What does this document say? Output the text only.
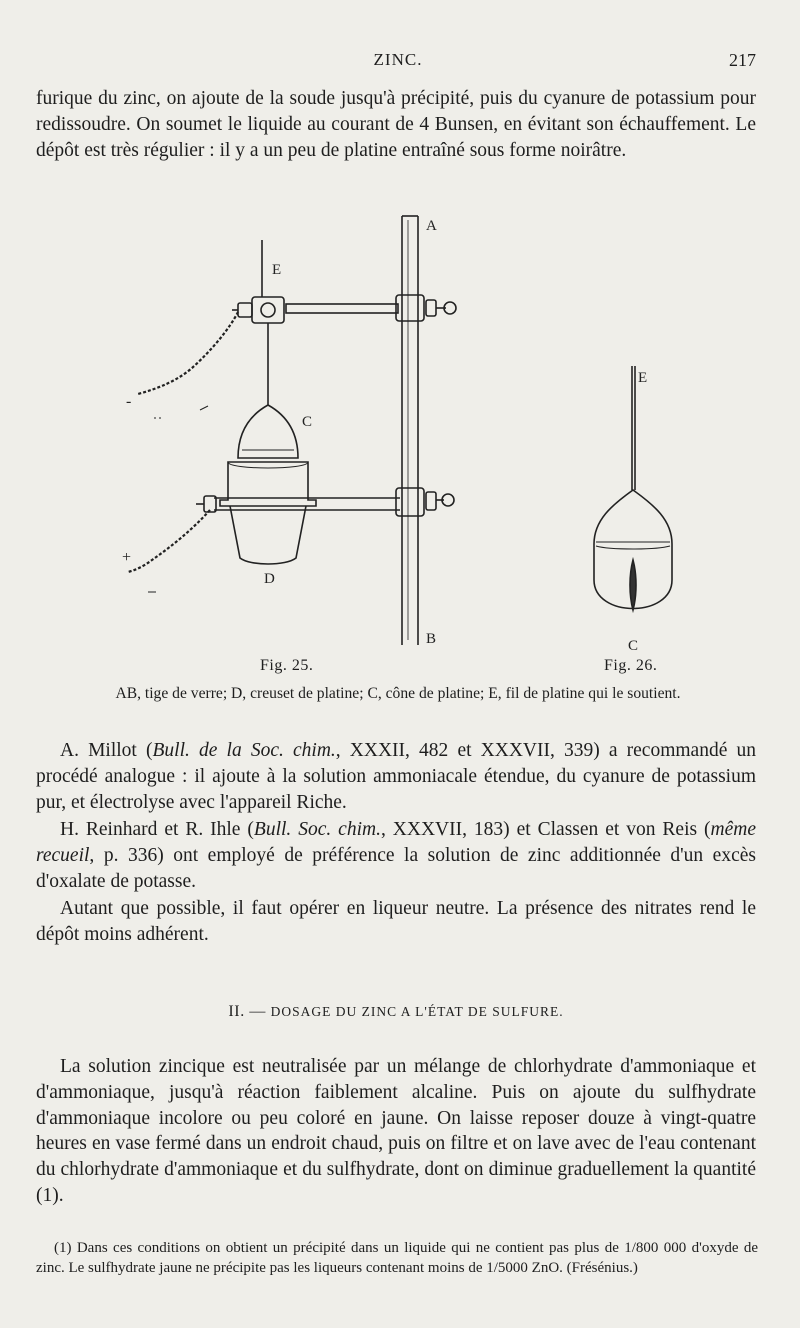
ZINC.	217

furique du zinc, on ajoute de la soude jusqu'à précipité, puis du cyanure de potassium pour redissoudre. On soumet le liquide au courant de 4 Bunsen, en évitant son échauffement. Le dépôt est très régulier : il y a un peu de platine entraîné sous forme noirâtre.

A
B
C
D
E
+
-
C
E
Fig. 25.	Fig. 26.

AB, tige de verre; D, creuset de platine; C, cône de platine; E, fil de platine qui le soutient.

A. Millot (Bull. de la Soc. chim., XXXII, 482 et XXXVII, 339) a recommandé un procédé analogue : il ajoute à la solution ammoniacale étendue, du cyanure de potassium pur, et électrolyse avec l'appareil Riche.

H. Reinhard et R. Ihle (Bull. Soc. chim., XXXVII, 183) et Classen et von Reis (même recueil, p. 336) ont employé de préférence la solution de zinc additionnée d'un excès d'oxalate de potasse.

Autant que possible, il faut opérer en liqueur neutre. La présence des nitrates rend le dépôt moins adhérent.

II. — DOSAGE DU ZINC A L'ÉTAT DE SULFURE.

La solution zincique est neutralisée par un mélange de chlorhydrate d'ammoniaque et d'ammoniaque, jusqu'à réaction faiblement alcaline. Puis on ajoute du sulfhydrate d'ammoniaque incolore ou peu coloré en jaune. On laisse reposer douze à vingt-quatre heures en vase fermé dans un endroit chaud, puis on filtre et on lave avec de l'eau contenant du chlorhydrate d'ammoniaque et du sulfhydrate, dont on diminue graduellement la quantité (1).

(1) Dans ces conditions on obtient un précipité dans un liquide qui ne contient pas plus de 1/800 000 d'oxyde de zinc. Le sulfhydrate jaune ne précipite pas les liqueurs contenant moins de 1/5000 ZnO. (Frésénius.)
